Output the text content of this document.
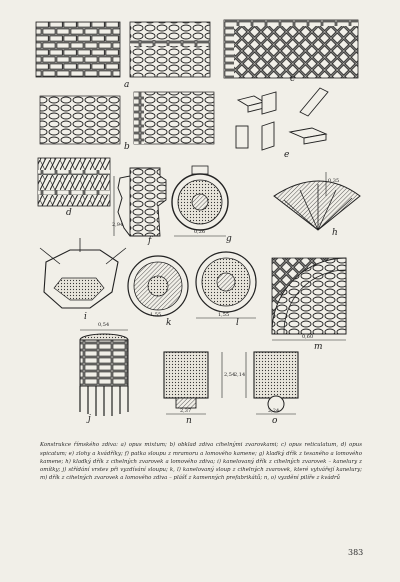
a
b
c
d
e
f	g
h
i
k	l
m
j	n	o
2,94
0,26
0,35
1,55
1,55
0,60
0,54
2,37
2,54
2,24
2,14

Konstrukce římského zdiva: a) opus mixtum; b) obklad zdiva cihelnými zvarovkami; c) opus reticulatum, d) opus spicatum; e) zlohy a kvádříky; f) patka sloupu z mramoru a lomového kamene; g) kladký dřík z tesaného a lomového kamene; h) kladký dřík z cihelných zvarovek a lomového zdiva; i) kanelovaný dřík z cihelných zvarovek – kanelury z omítky; j) střídání vrstev při vyzdívání sloupu; k, l) kanelovaný sloup z cihelných zvarovek, které vytvářejí kanelury; m) dřík z cihelných zvarovek a lomového zdiva – plášť z kamenných prefabrikátů; n, o) vyzdění pilíře z kvádrů

383
